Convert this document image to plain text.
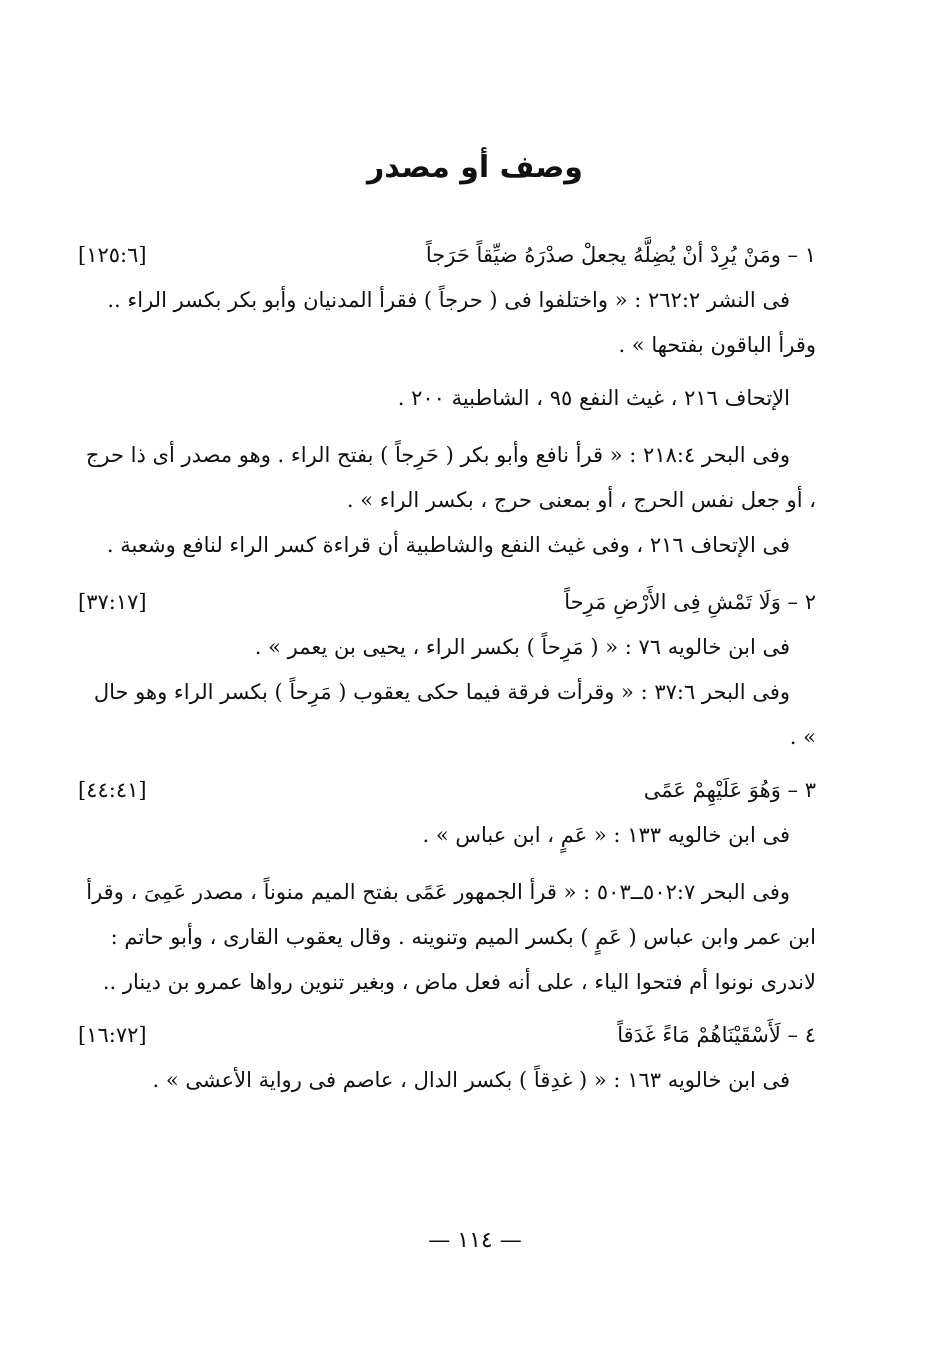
وصف أو مصدر
١ – ومَنْ يُرِدْ أنْ يُضِلَّهُ يجعلْ صدْرَهُ ضيِّقاً حَرَجاً
[١٢٥:٦]

فى النشر ٢٦٢:٢ : « واختلفوا فى ( حرجاً ) فقرأ المدنيان وأبو بكر بكسر الراء .. وقرأ الباقون بفتحها » .

الإتحاف ٢١٦ ، غيث النفع ٩٥ ، الشاطبية ٢٠٠ .

وفى البحر ٢١٨:٤ : « قرأ نافع وأبو بكر ( حَرِجاً ) بفتح الراء . وهو مصدر أى ذا حرج ، أو جعل نفس الحرج ، أو بمعنى حرج ، بكسر الراء » .

فى الإتحاف ٢١٦ ، وفى غيث النفع والشاطبية أن قراءة كسر الراء لنافع وشعبة .

٢ – وَلَا تَمْشِ فِى الأَرْضِ مَرِحاً
[٣٧:١٧]

فى ابن خالويه ٧٦ : « ( مَرِحاً ) بكسر الراء ، يحيى بن يعمر » .

وفى البحر ٣٧:٦ : « وقرأت فرقة فيما حكى يعقوب ( مَرِحاً ) بكسر الراء وهو حال » .

٣ – وَهُوَ عَلَيْهِمْ عَمًى
[٤٤:٤١]

فى ابن خالويه ١٣٣ : « عَمٍ ، ابن عباس » .

وفى البحر ٥٠٢:٧ــ٥٠٣ : « قرأ الجمهور عَمًى بفتح الميم منوناً ، مصدر عَمِىَ ، وقرأ ابن عمر وابن عباس ( عَمٍ ) بكسر الميم وتنوينه . وقال يعقوب القارى ، وأبو حاتم : لاندرى نونوا أم فتحوا الياء ، على أنه فعل ماض ، وبغير تنوين رواها عمرو بن دينار ..

٤ – لَأَسْقَيْنَاهُمْ مَاءً غَدَقاً
[١٦:٧٢]

فى ابن خالويه ١٦٣ : « ( غدِقاً ) بكسر الدال ، عاصم فى رواية الأعشى » .

— ١١٤ —
